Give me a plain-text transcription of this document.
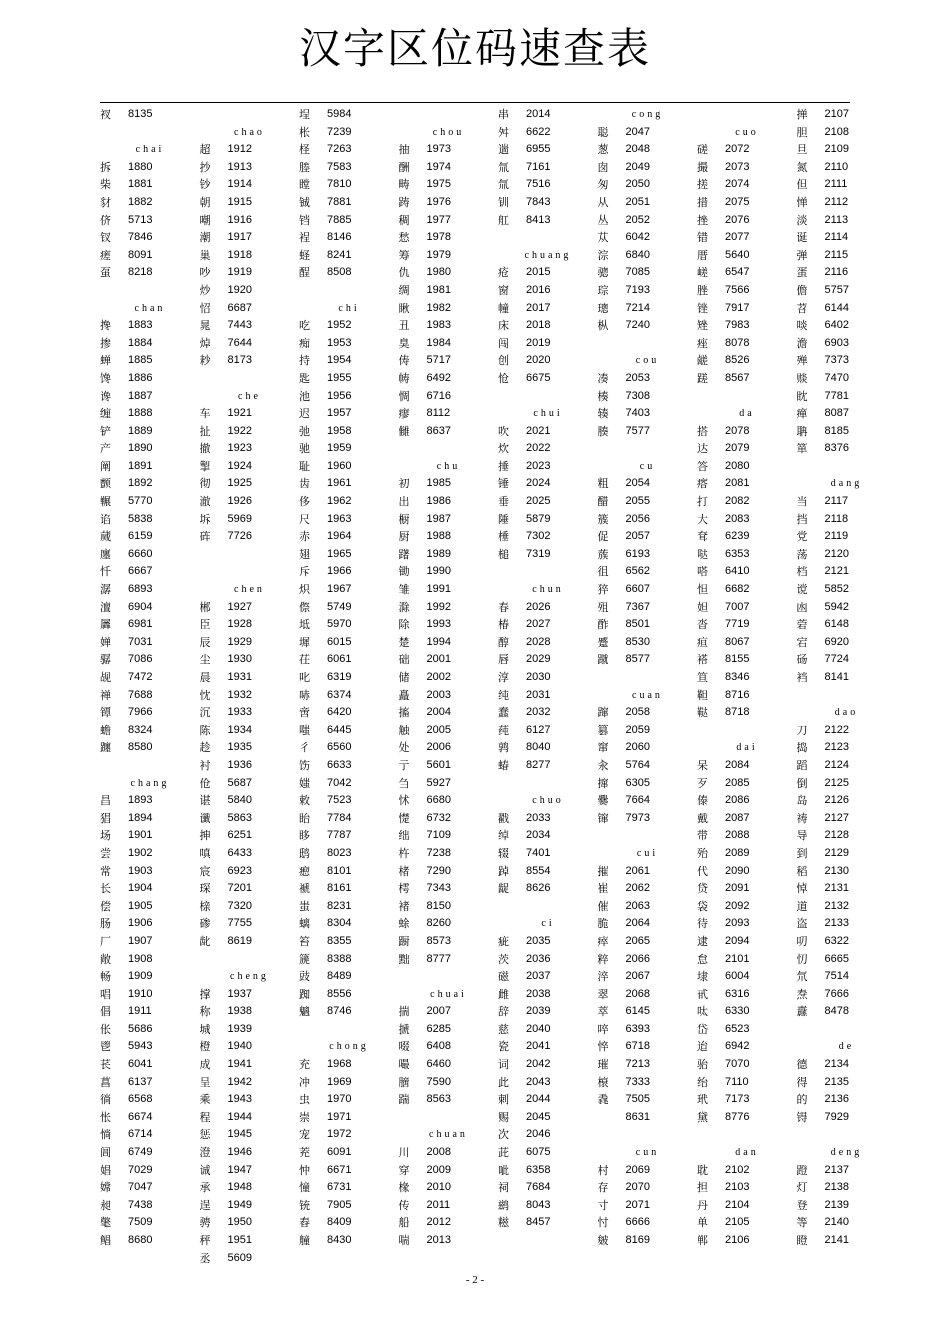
汉字区位码速查表
衩 8135
chai
拆 1880
柴 1881
豺 1882
侪 5713
钗 7846
瘥 8091
虿 8218
chan
搀 1883
掺 1884
蝉 1885
馋 1886
谗 1887
缠 1888
铲 1889
产 1890
阐 1891
颤 1892
冁 5770
谄 5838
蒇 6159
廛 6660
忏 6667
潺 6893
澶 6904
羼 6981
婵 7031
骣 7086
觇 7472
禅 7688
镡 7966
蟾 8324
躔 8580
chang
昌 1893
猖 1894
场 1901
尝 1902
常 1903
长 1904
偿 1905
肠 1906
厂 1907
敞 1908
畅 1909
唱 1910
倡 1911
伥 5686
鬯 5943
苌 6041
菖 6137
徜 6568
怅 6674
惝 6714
阊 6749
娼 7029
嫦 7047
昶 7438
氅 7509
鲳 8680
chao
超 1912
抄 1913
钞 1914
朝 1915
嘲 1916
潮 1917
巢 1918
吵 1919
炒 1920
怊 6687
晁 7443
焯 7644
耖 8173
che
车 1921
扯 1922
撤 1923
掣 1924
彻 1925
澈 1926
坼 5969
砗 7726
chen
郴 1927
臣 1928
辰 1929
尘 1930
晨 1931
忱 1932
沉 1933
陈 1934
趁 1935
衬 1936
伧 5687
谌 5840
谶 5863
抻 6251
嗔 6433
宸 6923
琛 7201
榇 7320
碜 7755
龀 8619
cheng
撑 1937
称 1938
城 1939
橙 1940
成 1941
呈 1942
乘 1943
程 1944
惩 1945
澄 1946
诚 1947
承 1948
逞 1949
骋 1950
秤 1951
丞 5609
埕 5984
枨 7239
柽 7263
塍 7583
瞠 7810
铖 7881
铛 7885
裎 8146
蛏 8241
酲 8508
chi
吃 1952
痴 1953
持 1954
匙 1955
池 1956
迟 1957
弛 1958
驰 1959
耻 1960
齿 1961
侈 1962
尺 1963
赤 1964
翅 1965
斥 1966
炽 1967
傺 5749
坻 5970
墀 6015
茌 6061
叱 6319
哧 6374
啻 6420
嗤 6445
彳 6560
饬 6633
媸 7042
敕 7523
眙 7784
眵 7787
鸱 8023
瘛 8101
褫 8161
蚩 8231
螭 8304
笞 8355
篪 8388
豉 8489
踟 8556
魑 8746
chong
充 1968
冲 1969
虫 1970
崇 1971
宠 1972
茺 6091
忡 6671
憧 6731
铳 7905
舂 8409
艟 8430
chou
抽 1973
酬 1974
畴 1975
踌 1976
稠 1977
愁 1978
筹 1979
仇 1980
绸 1981
瞅 1982
丑 1983
臭 1984
俦 5717
帱 6492
惆 6716
瘳 8112
雠 8637
chu
初 1985
出 1986
橱 1987
厨 1988
躇 1989
锄 1990
雏 1991
滁 1992
除 1993
楚 1994
础 2001
储 2002
矗 2003
搐 2004
触 2005
处 2006
亍 5601
刍 5927
怵 6680
憷 6732
绌 7109
杵 7238
楮 7290
樗 7343
褚 8150
蜍 8260
蹰 8573
黜 8777
chuai
揣 2007
搋 6285
啜 6408
嘬 6460
膪 7590
踹 8563
chuan
川 2008
穿 2009
椽 2010
传 2011
船 2012
喘 2013
串 2014
舛 6622
遄 6955
氚 7161
氚 7516
钏 7843
舡 8413
chuang
疮 2015
窗 2016
幢 2017
床 2018
闯 2019
创 2020
怆 6675
chui
吹 2021
炊 2022
捶 2023
锤 2024
垂 2025
陲 5879
棰 7302
槌 7319
chun
春 2026
椿 2027
醇 2028
唇 2029
淳 2030
纯 2031
蠢 2032
莼 6127
鹑 8040
蝽 8277
chuo
戳 2033
绰 2034
辍 7401
踔 8554
龊 8626
ci
疵 2035
茨 2036
磁 2037
雌 2038
辞 2039
慈 2040
瓷 2041
词 2042
此 2043
刺 2044
赐 2045
次 2046
茈 6075
呲 6358
祠 7684
鹚 8043
糍 8457
cong
聪 2047
葱 2048
囱 2049
匆 2050
从 2051
丛 2052
苁 6042
淙 6840
骢 7085
琮 7193
璁 7214
枞 7240
cou
凑 2053
楱 7308
辏 7403
腠 7577
cu
粗 2054
醋 2055
簇 2056
促 2057
蔟 6193
徂 6562
猝 6607
殂 7367
酢 8501
蹙 8530
蹴 8577
cuan
蹿 2058
篡 2059
窜 2060
汆 5764
撺 6305
爨 7664
镩 7973
cui
摧 2061
崔 2062
催 2063
脆 2064
瘁 2065
粹 2066
淬 2067
翠 2068
萃 6145
啐 6393
悴 6718
璀 7213
榱 7333
毳 7505
8631
cun
村 2069
存 2070
寸 2071
忖 6666
皴 8169
cuo
磋 2072
撮 2073
搓 2074
措 2075
挫 2076
错 2077
厝 5640
嵯 6547
脞 7566
锉 7917
矬 7983
痤 8078
鹾 8526
蹉 8567
da
搭 2078
达 2079
答 2080
瘩 2081
打 2082
大 2083
耷 6239
哒 6353
嗒 6410
怛 6682
妲 7007
沓 7719
疸 8067
褡 8155
笪 8346
靼 8716
鞑 8718
dai
呆 2084
歹 2085
傣 2086
戴 2087
带 2088
殆 2089
代 2090
贷 2091
袋 2092
待 2093
逮 2094
怠 2101
埭 6004
甙 6316
呔 6330
岱 6523
迨 6942
骀 7070
绐 7110
玳 7173
黛 8776
dan
耽 2102
担 2103
丹 2104
单 2105
郸 2106
掸 2107
胆 2108
旦 2109
氮 2110
但 2111
惮 2112
淡 2113
诞 2114
弹 2115
蛋 2116
儋 5757
苕 6144
啖 6402
澹 6903
殚 7373
赕 7470
眈 7781
瘅 8087
聃 8185
箪 8376
dang
当 2117
挡 2118
党 2119
荡 2120
档 2121
谠 5852
凼 5942
菪 6148
宕 6920
砀 7724
裆 8141
dao
刀 2122
捣 2123
蹈 2124
倒 2125
岛 2126
祷 2127
导 2128
到 2129
稻 2130
悼 2131
道 2132
盗 2133
叨 6322
忉 6665
氘 7514
焘 7666
纛 8478
de
德 2134
得 2135
的 2136
锝 7929
deng
蹬 2137
灯 2138
登 2139
等 2140
瞪 2141
- 2 -
